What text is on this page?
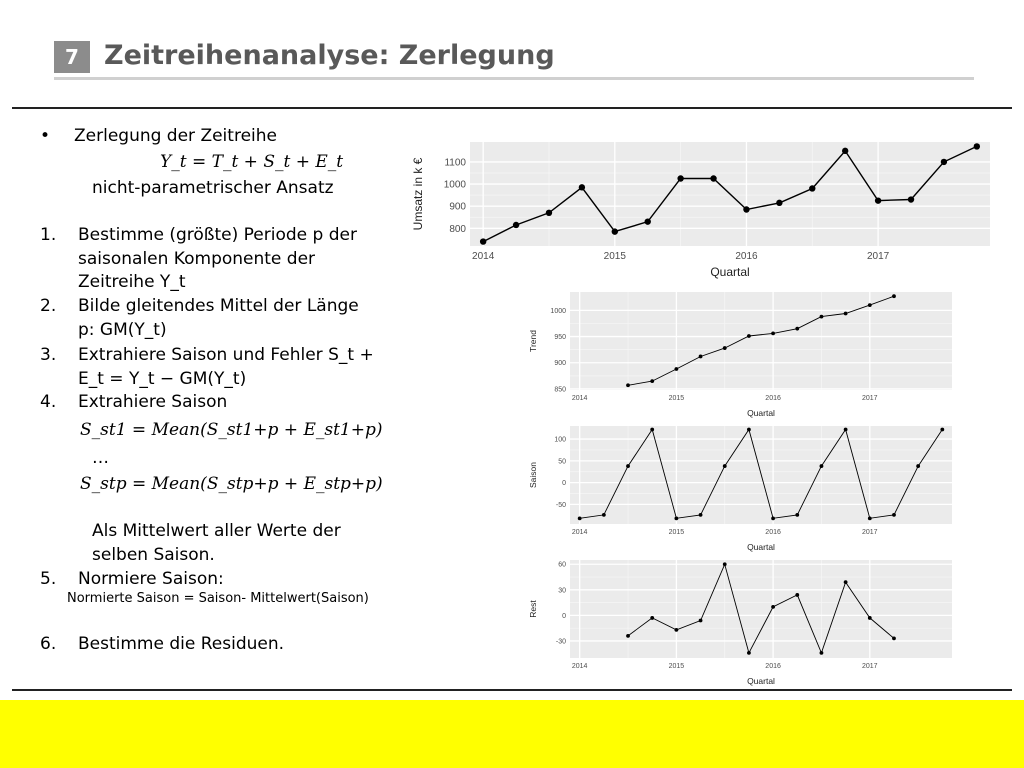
7 Zeitreihenanalyse: Zerlegung
• Zerlegung der Zeitreihe
Y_t = T_t + S_t + E_t
nicht-parametrischer Ansatz
1. Bestimme (größte) Periode p der
saisonalen Komponente der
Zeitreihe Y_t
2. Bilde gleitendes Mittel der Länge
p: GM(Y_t)
3. Extrahiere Saison und Fehler S_t +
E_t = Y_t − GM(Y_t)
4. Extrahiere Saison
S_st1 = Mean(S_st1+p + E_st1+p)
…
S_stp = Mean(S_stp+p + E_stp+p)
Als Mittelwert aller Werte der
selben Saison.
5. Normiere Saison:
Normierte Saison = Saison- Mittelwert(Saison)
6. Bestimme die Residuen.
800
900
1000
1100
2014	2015	2016	2017
Quartal
Umsatz in k €
850
900
950
1000
2014	2015	2016	2017
Quartal
Trend
-50
0
50
100
2014	2015	2016	2017
Quartal
Saison
-30
0
30
60
2014	2015	2016	2017
Quartal
Rest
